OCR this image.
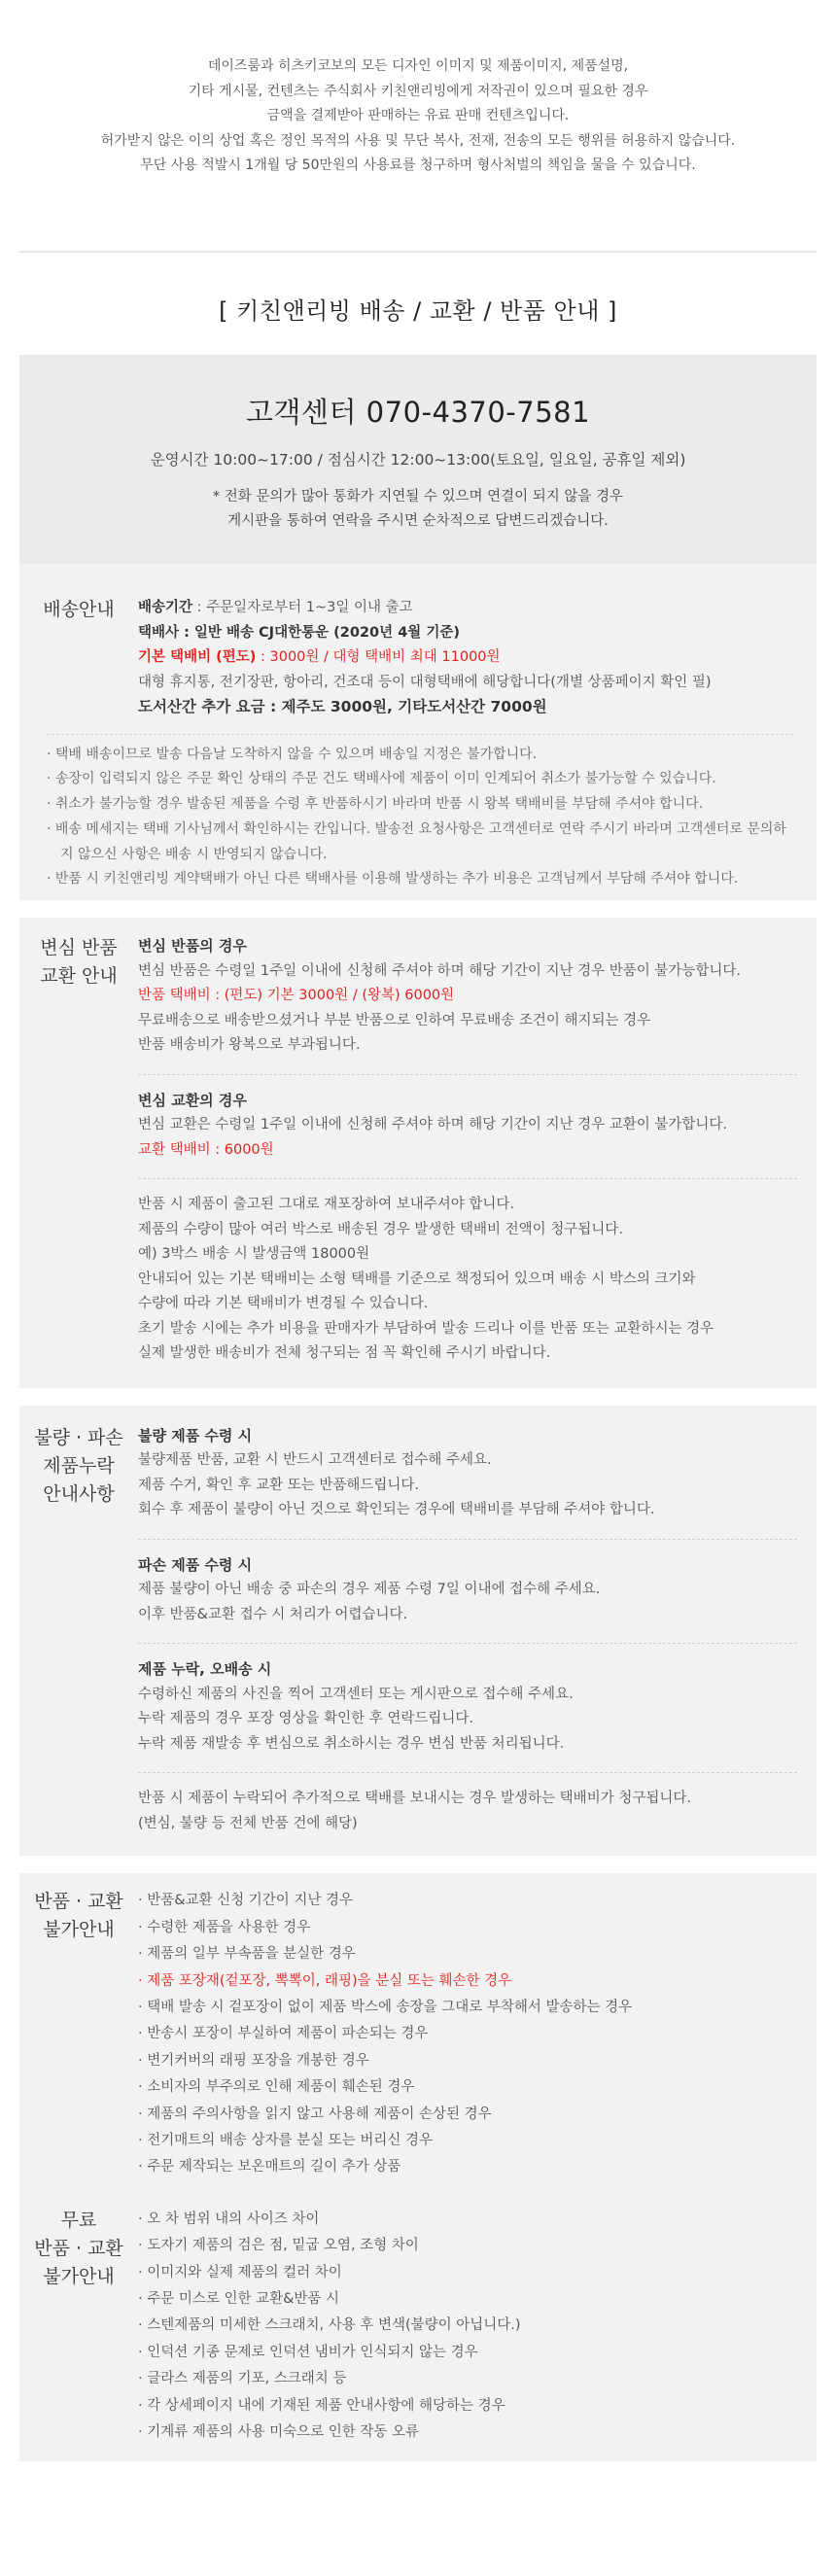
데이즈룸과 히츠키코보의 모든 디자인 이미지 및 제품이미지, 제품설명,

기타 게시물, 컨텐츠는 주식회사 키친앤리빙에게 저작권이 있으며 필요한 경우

금액을 결제받아 판매하는 유료 판매 컨텐츠입니다.

허가받지 않은 이의 상업 혹은 정인 목적의 사용 및 무단 복사, 전재, 전송의 모든 행위를 허용하지 않습니다.

무단 사용 적발시 1개월 당 50만원의 사용료를 청구하며 형사처벌의 책임을 물을 수 있습니다.

[ 키친앤리빙 배송 / 교환 / 반품 안내 ]
고객센터 070-4370-7581
운영시간 10:00~17:00 / 점심시간 12:00~13:00(토요일, 일요일, 공휴일 제외)
* 전화 문의가 많아 통화가 지연될 수 있으며 연결이 되지 않을 경우
게시판을 통하여 연락을 주시면 순차적으로 답변드리겠습니다.
배송안내	배송기간 : 주문일자로부터 1~3일 이내 출고
택배사 : 일반 배송 CJ대한통운 (2020년 4월 기준)
기본 택배비 (편도) : 3000원 / 대형 택배비 최대 11000원
대형 휴지통, 전기장판, 항아리, 건조대 등이 대형택배에 해당합니다(개별 상품페이지 확인 필)
도서산간 추가 요금 : 제주도 3000원, 기타도서산간 7000원
· 택배 배송이므로 발송 다음날 도착하지 않을 수 있으며 배송일 지정은 불가합니다.
· 송장이 입력되지 않은 주문 확인 상태의 주문 건도 택배사에 제품이 이미 인계되어 취소가 불가능할 수 있습니다.
· 취소가 불가능할 경우 발송된 제품을 수령 후 반품하시기 바라며 반품 시 왕복 택배비를 부담해 주셔야 합니다.
· 배송 메세지는 택배 기사님께서 확인하시는 칸입니다. 발송전 요청사항은 고객센터로 연락 주시기 바라며 고객센터로 문의하지 않으신 사항은 배송 시 반영되지 않습니다.
· 반품 시 키친앤리빙 계약택배가 아닌 다른 택배사를 이용해 발생하는 추가 비용은 고객님께서 부담해 주셔야 합니다.
변심 반품
교환 안내
변심 반품의 경우
변심 반품은 수령일 1주일 이내에 신청해 주셔야 하며 해당 기간이 지난 경우 반품이 불가능합니다.
반품 택배비 : (편도) 기본 3000원 / (왕복) 6000원
무료배송으로 배송받으셨거나 부분 반품으로 인하여 무료배송 조건이 해지되는 경우
반품 배송비가 왕복으로 부과됩니다.
변심 교환의 경우
변심 교환은 수령일 1주일 이내에 신청해 주셔야 하며 해당 기간이 지난 경우 교환이 불가합니다.
교환 택배비 : 6000원
반품 시 제품이 출고된 그대로 재포장하여 보내주셔야 합니다.
제품의 수량이 많아 여러 박스로 배송된 경우 발생한 택배비 전액이 청구됩니다.
예) 3박스 배송 시 발생금액 18000원
안내되어 있는 기본 택배비는 소형 택배를 기준으로 책정되어 있으며 배송 시 박스의 크기와
수량에 따라 기본 택배비가 변경될 수 있습니다.
초기 발송 시에는 추가 비용을 판매자가 부담하여 발송 드리나 이를 반품 또는 교환하시는 경우
실제 발생한 배송비가 전체 청구되는 점 꼭 확인해 주시기 바랍니다.
불량 · 파손
제품누락
안내사항
불량 제품 수령 시
불량제품 반품, 교환 시 반드시 고객센터로 접수해 주세요.
제품 수거, 확인 후 교환 또는 반품해드립니다.
회수 후 제품이 불량이 아닌 것으로 확인되는 경우에 택배비를 부담해 주셔야 합니다.
파손 제품 수령 시
제품 불량이 아닌 배송 중 파손의 경우 제품 수령 7일 이내에 접수해 주세요.
이후 반품&교환 접수 시 처리가 어렵습니다.
제품 누락, 오배송 시
수령하신 제품의 사진을 찍어 고객센터 또는 게시판으로 접수해 주세요.
누락 제품의 경우 포장 영상을 확인한 후 연락드립니다.
누락 제품 재발송 후 변심으로 취소하시는 경우 변심 반품 처리됩니다.
반품 시 제품이 누락되어 추가적으로 택배를 보내시는 경우 발생하는 택배비가 청구됩니다.
(변심, 불량 등 전체 반품 건에 해당)
반품 · 교환
불가안내
· 반품&교환 신청 기간이 지난 경우
· 수령한 제품을 사용한 경우
· 제품의 일부 부속품을 분실한 경우
· 제품 포장재(겉포장, 뽁뽁이, 래핑)을 분실 또는 훼손한 경우
· 택배 발송 시 겉포장이 없이 제품 박스에 송장을 그대로 부착해서 발송하는 경우
· 반송시 포장이 부실하여 제품이 파손되는 경우
· 변기커버의 래핑 포장을 개봉한 경우
· 소비자의 부주의로 인해 제품이 훼손된 경우
· 제품의 주의사항을 읽지 않고 사용해 제품이 손상된 경우
· 전기매트의 배송 상자를 분실 또는 버리신 경우
· 주문 제작되는 보온매트의 길이 추가 상품
무료
반품 · 교환
불가안내
· 오 차 범위 내의 사이즈 차이
· 도자기 제품의 검은 점, 밑굽 오염, 조형 차이
· 이미지와 실제 제품의 컬러 차이
· 주문 미스로 인한 교환&반품 시
· 스텐제품의 미세한 스크래치, 사용 후 변색(불량이 아닙니다.)
· 인덕션 기종 문제로 인덕션 냄비가 인식되지 않는 경우
· 글라스 제품의 기포, 스크래치 등
· 각 상세페이지 내에 기재된 제품 안내사항에 해당하는 경우
· 기계류 제품의 사용 미숙으로 인한 작동 오류
